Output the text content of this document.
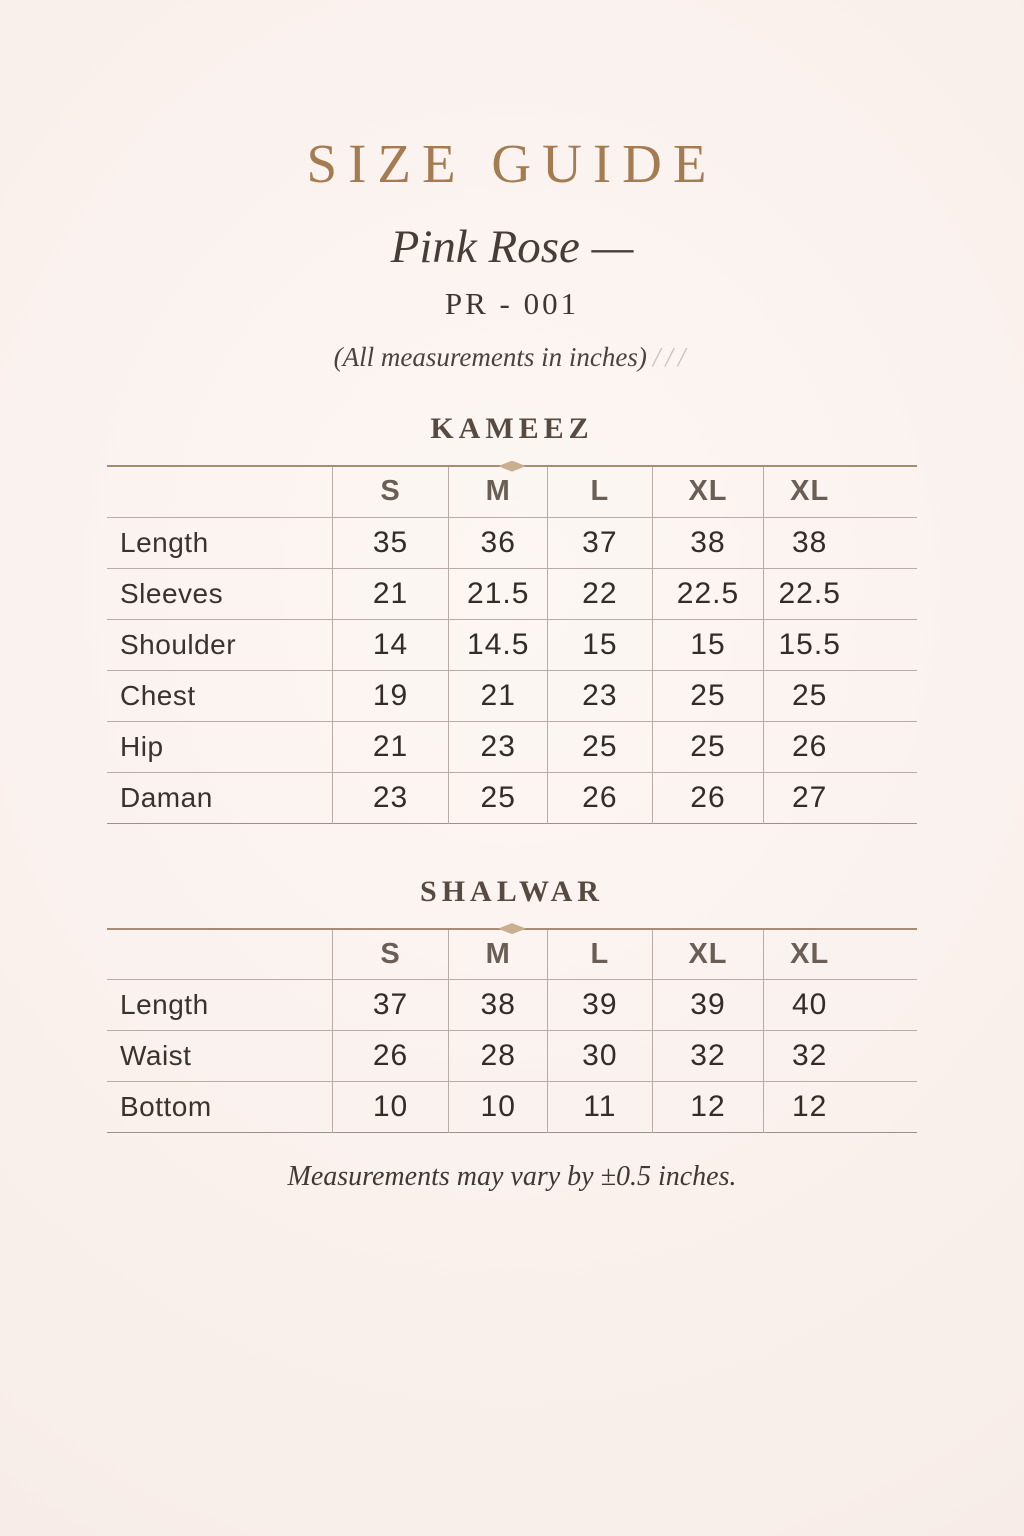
SIZE GUIDE
Pink Rose —
PR - 001
(All measurements in inches) ///
KAMEEZ
	S	M	L	XL	XL
Length	35	36	37	38	38
Sleeves	21	21.5	22	22.5	22.5
Shoulder	14	14.5	15	15	15.5
Chest	19	21	23	25	25
Hip	21	23	25	25	26
Daman	23	25	26	26	27
SHALWAR
	S	M	L	XL	XL
Length	37	38	39	39	40
Waist	26	28	30	32	32
Bottom	10	10	11	12	12
Measurements may vary by ±0.5 inches.
